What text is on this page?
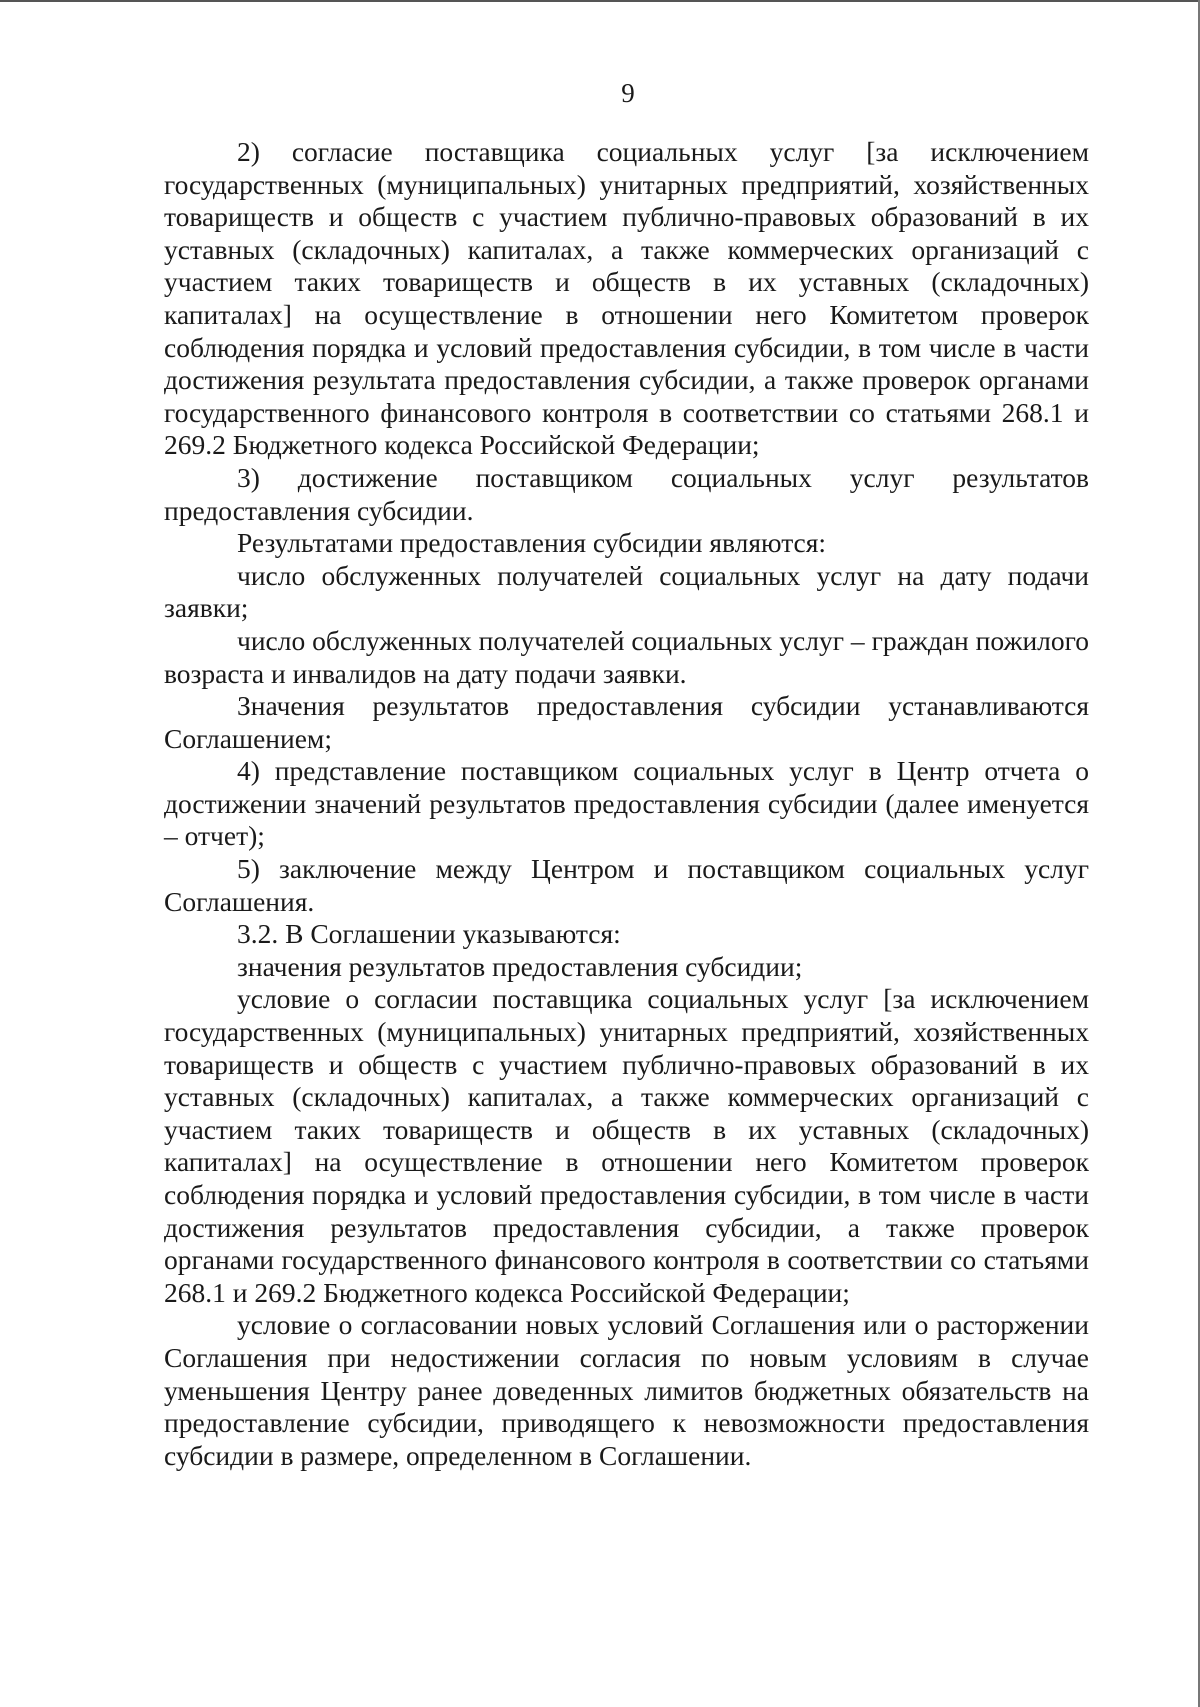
9

2) согласие поставщика социальных услуг [за исключением государственных (муниципальных) унитарных предприятий, хозяйственных товариществ и обществ с участием публично-правовых образований в их уставных (складочных) капиталах, а также коммерческих организаций с участием таких товариществ и обществ в их уставных (складочных) капиталах] на осуществление в отношении него Комитетом проверок соблюдения порядка и условий предоставления субсидии, в том числе в части достижения результата предоставления субсидии, а также проверок органами государственного финансового контроля в соответствии со статьями 268.1 и 269.2 Бюджетного кодекса Российской Федерации;

3) достижение поставщиком социальных услуг результатов предоставления субсидии.

Результатами предоставления субсидии являются:

число обслуженных получателей социальных услуг на дату подачи заявки;

число обслуженных получателей социальных услуг – граждан пожилого возраста и инвалидов на дату подачи заявки.

Значения результатов предоставления субсидии устанавливаются Соглашением;

4) представление поставщиком социальных услуг в Центр отчета о достижении значений результатов предоставления субсидии (далее именуется – отчет);

5) заключение между Центром и поставщиком социальных услуг Соглашения.

3.2. В Соглашении указываются:

значения результатов предоставления субсидии;

условие о согласии поставщика социальных услуг [за исключением государственных (муниципальных) унитарных предприятий, хозяйственных товариществ и обществ с участием публично-правовых образований в их уставных (складочных) капиталах, а также коммерческих организаций с участием таких товариществ и обществ в их уставных (складочных) капиталах] на осуществление в отношении него Комитетом проверок соблюдения порядка и условий предоставления субсидии, в том числе в части достижения результатов предоставления субсидии, а также проверок органами государственного финансового контроля в соответствии со статьями 268.1 и 269.2 Бюджетного кодекса Российской Федерации;

условие о согласовании новых условий Соглашения или о расторжении Соглашения при недостижении согласия по новым условиям в случае уменьшения Центру ранее доведенных лимитов бюджетных обязательств на предоставление субсидии, приводящего к невозможности предоставления субсидии в размере, определенном в Соглашении.
